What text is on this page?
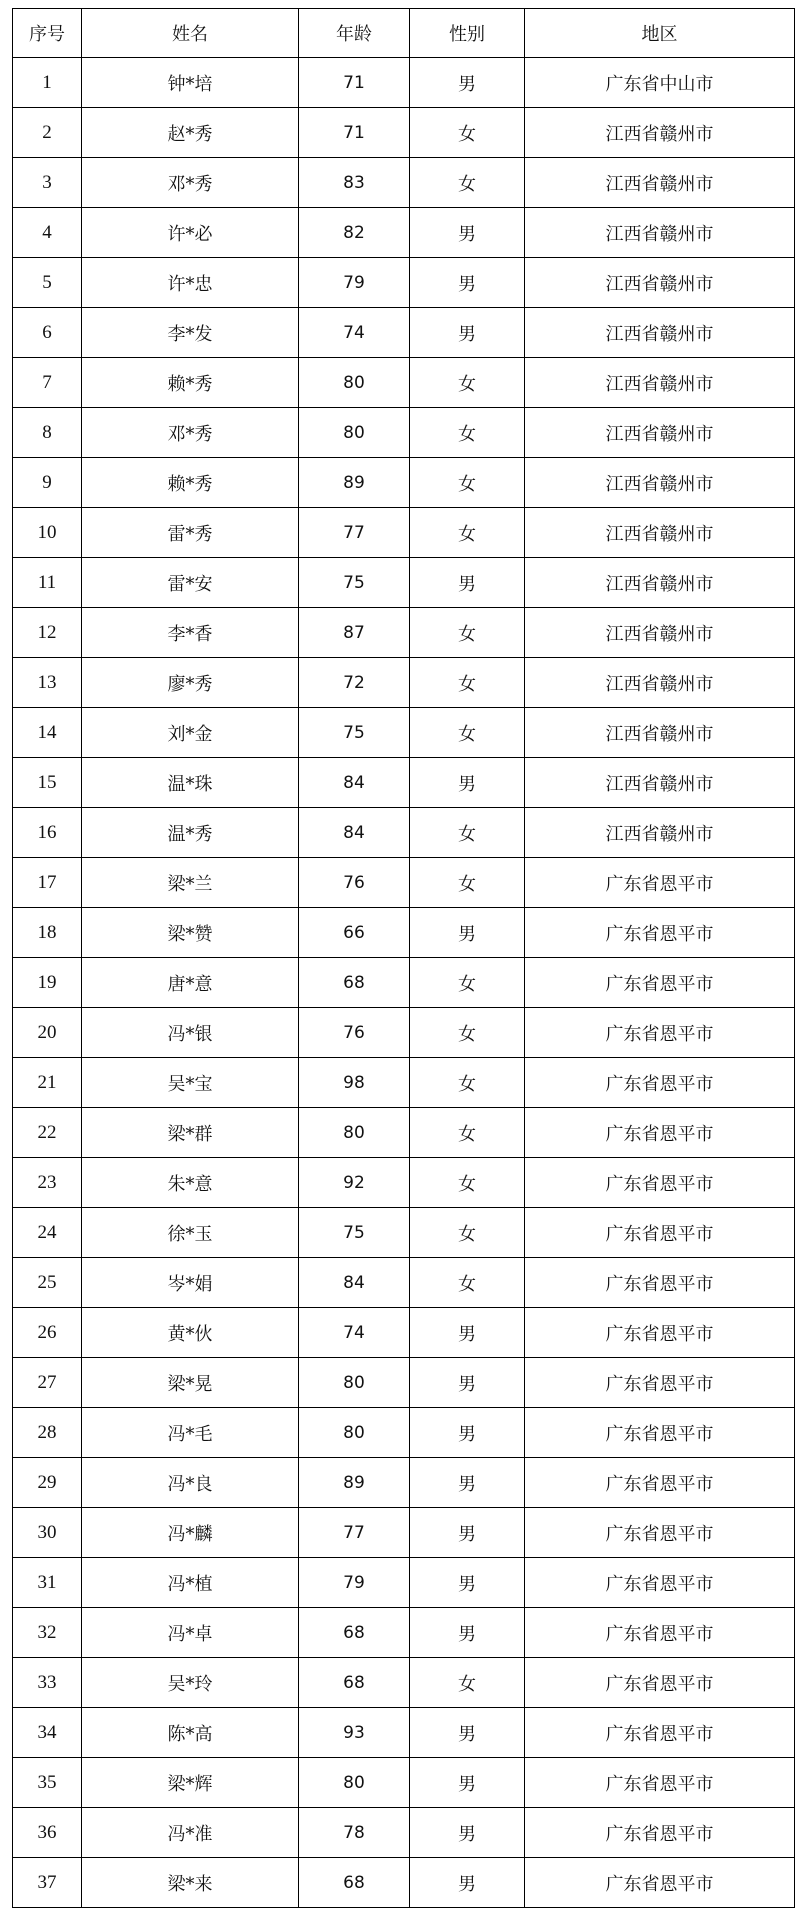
序号	姓名	年龄	性别	地区
1	钟*培	71	男	广东省中山市
2	赵*秀	71	女	江西省赣州市
3	邓*秀	83	女	江西省赣州市
4	许*必	82	男	江西省赣州市
5	许*忠	79	男	江西省赣州市
6	李*发	74	男	江西省赣州市
7	赖*秀	80	女	江西省赣州市
8	邓*秀	80	女	江西省赣州市
9	赖*秀	89	女	江西省赣州市
10	雷*秀	77	女	江西省赣州市
11	雷*安	75	男	江西省赣州市
12	李*香	87	女	江西省赣州市
13	廖*秀	72	女	江西省赣州市
14	刘*金	75	女	江西省赣州市
15	温*珠	84	男	江西省赣州市
16	温*秀	84	女	江西省赣州市
17	梁*兰	76	女	广东省恩平市
18	梁*赞	66	男	广东省恩平市
19	唐*意	68	女	广东省恩平市
20	冯*银	76	女	广东省恩平市
21	吴*宝	98	女	广东省恩平市
22	梁*群	80	女	广东省恩平市
23	朱*意	92	女	广东省恩平市
24	徐*玉	75	女	广东省恩平市
25	岑*娟	84	女	广东省恩平市
26	黄*伙	74	男	广东省恩平市
27	梁*晃	80	男	广东省恩平市
28	冯*毛	80	男	广东省恩平市
29	冯*良	89	男	广东省恩平市
30	冯*麟	77	男	广东省恩平市
31	冯*植	79	男	广东省恩平市
32	冯*卓	68	男	广东省恩平市
33	吴*玲	68	女	广东省恩平市
34	陈*高	93	男	广东省恩平市
35	梁*辉	80	男	广东省恩平市
36	冯*准	78	男	广东省恩平市
37	梁*来	68	男	广东省恩平市
